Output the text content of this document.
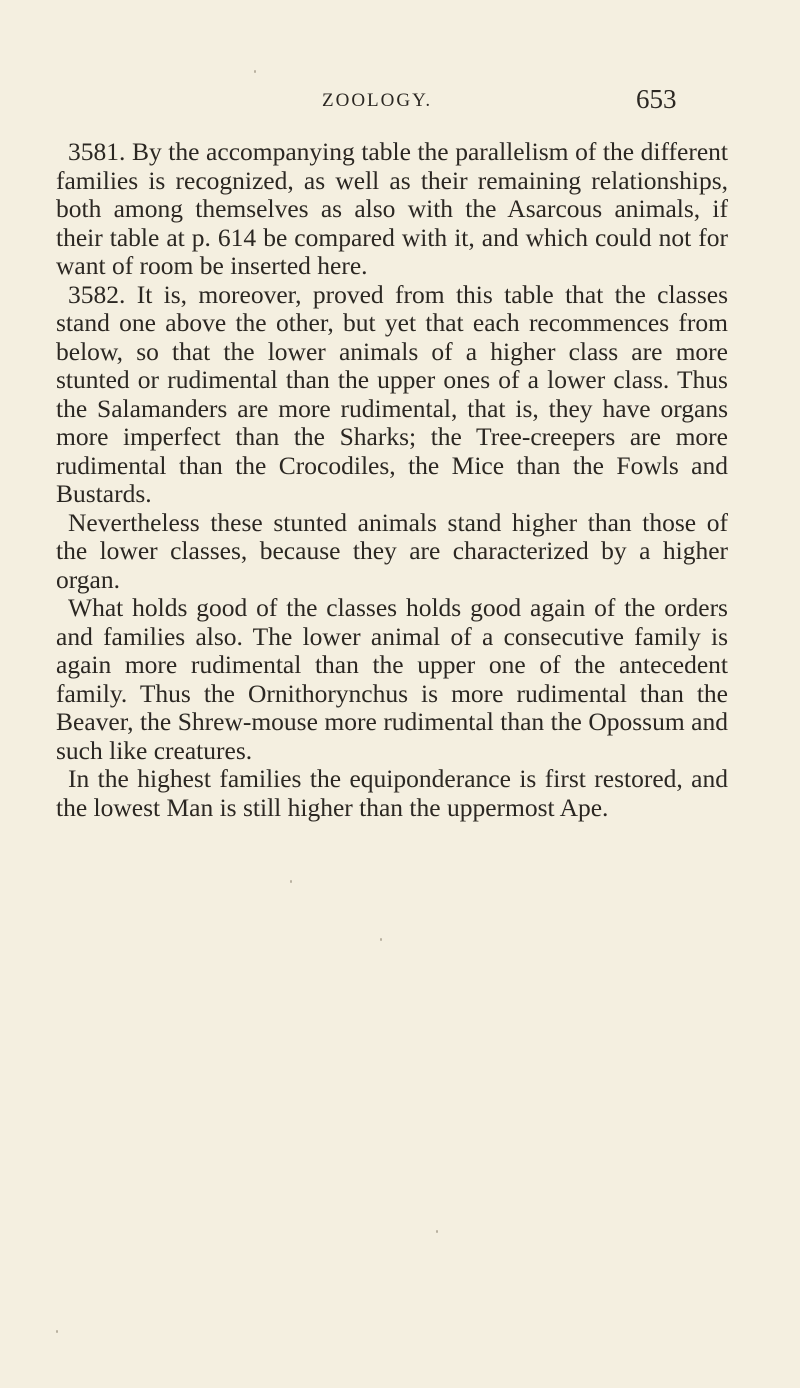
ZOOLOGY.	653

3581. By the accompanying table the parallelism of the different families is recognized, as well as their remaining relationships, both among themselves as also with the Asarcous animals, if their table at p. 614 be compared with it, and which could not for want of room be inserted here.

3582. It is, moreover, proved from this table that the classes stand one above the other, but yet that each recommences from below, so that the lower animals of a higher class are more stunted or rudimental than the upper ones of a lower class. Thus the Salamanders are more rudimental, that is, they have organs more imperfect than the Sharks; the Tree-creepers are more rudimental than the Crocodiles, the Mice than the Fowls and Bustards.

Nevertheless these stunted animals stand higher than those of the lower classes, because they are characterized by a higher organ.

What holds good of the classes holds good again of the orders and families also. The lower animal of a consecutive family is again more rudimental than the upper one of the antecedent family. Thus the Ornithorynchus is more rudimental than the Beaver, the Shrew-mouse more rudimental than the Opossum and such like creatures.

In the highest families the equiponderance is first restored, and the lowest Man is still higher than the uppermost Ape.
